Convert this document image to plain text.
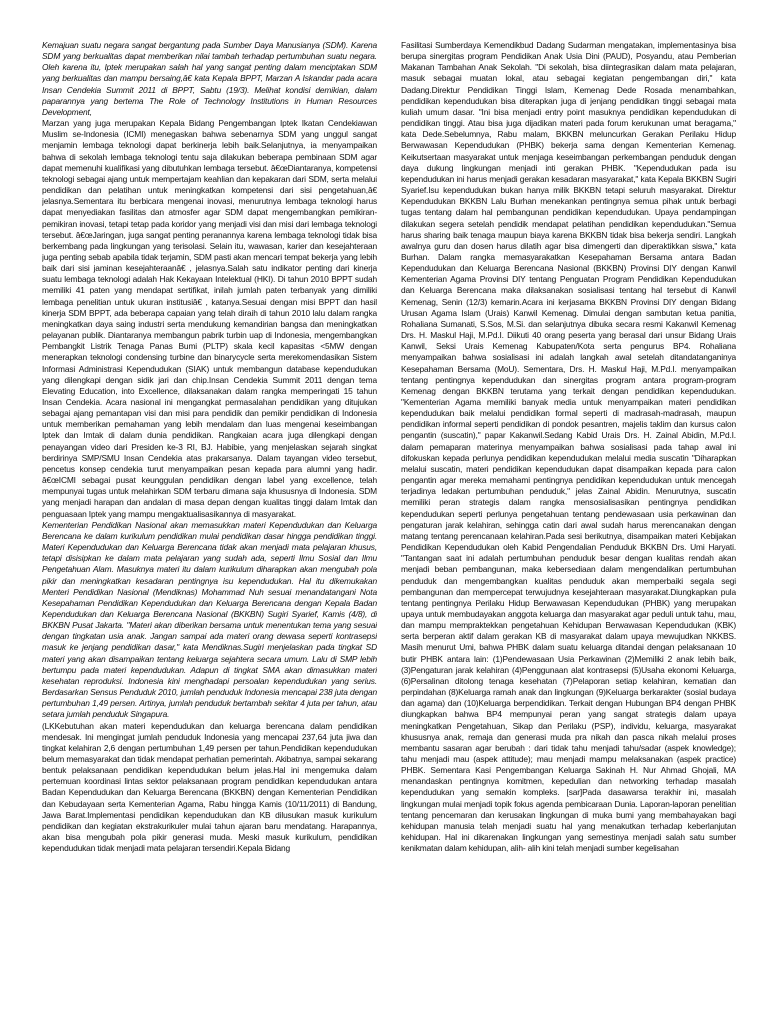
Kemajuan suatu negara sangat bergantung pada Sumber Daya Manusianya (SDM). Karena SDM yang berkualitas dapat memberikan nilai tambah terhadap pertumbuhan suatu negara. Oleh karena itu, Iptek merupakan salah hal yang sangat penting dalam menciptakan SDM yang berkualitas dan mampu bersaing,â€ kata Kepala BPPT, Marzan A Iskandar pada acara Insan Cendekia Summit 2011 di BPPT, Sabtu (19/3). Melihat kondisi demikian, dalam paparannya yang bertema The Role of Technology Institutions in Human Resources Development,

Marzan yang juga merupakan Kepala Bidang Pengembangan Iptek Ikatan Cendekiawan Muslim se-Indonesia (ICMI) menegaskan bahwa sebenarnya SDM yang unggul sangat menjamin lembaga teknologi dapat berkinerja lebih baik.Selanjutnya, ia menyampaikan bahwa di sekolah lembaga teknologi tentu saja dilakukan beberapa pembinaan SDM agar dapat memenuhi kualifikasi yang dibutuhkan lembaga tersebut. â€œDiantaranya, kompetensi teknologi sebagai ajang untuk mempertajam keahlian dan kepakaran dari SDM, serta melalui pendidikan dan pelatihan untuk meningkatkan kompetensi dari sisi pengetahuan,â€ jelasnya.Sementara itu berbicara mengenai inovasi, menurutnya lembaga teknologi harus dapat menyediakan fasilitas dan atmosfer agar SDM dapat mengembangkan pemikiran-pemikiran inovasi, tetapi tetap pada koridor yang menjadi visi dan misi dari lembaga teknologi tersebut. â€œJaringan, juga sangat penting peranannya karena lembaga teknologi tidak bisa berkembang pada lingkungan yang terisolasi. Selain itu, wawasan, karier dan kesejahteraan juga penting sebab apabila tidak terjamin, SDM pasti akan mencari tempat bekerja yang lebih baik dari sisi jaminan kesejahteraanâ€ , jelasnya.Salah satu indikator penting dari kinerja suatu lembaga teknologi adalah Hak Kekayaan Intelektual (HKI). Di tahun 2010 BPPT sudah memiliki 41 paten yang mendapat sertifikat, inilah jumlah paten terbanyak yang dimiliki lembaga penelitian untuk ukuran institusiâ€ , katanya.Sesuai dengan misi BPPT dan hasil kinerja SDM BPPT, ada beberapa capaian yang telah diraih di tahun 2010 lalu dalam rangka meningkatkan daya saing industri serta mendukung kemandirian bangsa dan meningkatkan pelayanan publik. Diantaranya membangun pabrik turbin uap di Indonesia, mengembangkan Pembangkit Listrik Tenaga Panas Bumi (PLTP) skala kecil kapasitas <5MW dengan menerapkan teknologi condensing turbine dan binarycycle serta merekomendasikan Sistem Informasi Administrasi Kependudukan (SIAK) untuk membangun database kependudukan yang dilengkapi dengan sidik jari dan chip.Insan Cendekia Summit 2011 dengan tema Elevating Education, into Excellence, dilaksanakan dalam rangka memperingati 15 tahun Insan Cendekia. Acara nasional ini mengangkat permasalahan pendidikan yang ditujukan sebagai ajang pemantapan visi dan misi para pendidik dan pemikir pendidikan di Indonesia untuk memberikan pemahaman yang lebih mendalam dan luas mengenai keseimbangan Iptek dan Imtak di dalam dunia pendidikan. Rangkaian acara juga dilengkapi dengan penayangan video dari Presiden ke-3 RI, BJ. Habibie, yang menjelaskan sejarah singkat berdirinya SMP/SMU Insan Cendekia atas prakarsanya. Dalam tayangan video tersebut, pencetus konsep cendekia turut menyampaikan pesan kepada para alumni yang hadir. â€œICMI sebagai pusat keunggulan pendidikan dengan label yang excellence, telah mempunyai tugas untuk melahirkan SDM terbaru dimana saja khususnya di Indonesia. SDM yang menjadi harapan dan andalan di masa depan dengan kualitas tinggi dalam Imtak dan penguasaan Iptek yang mampu mengaktualisasikannya di masyarakat.

Kementerian Pendidikan Nasional akan memasukkan materi Kependudukan dan Keluarga Berencana ke dalam kurikulum pendidikan mulai pendidikan dasar hingga pendidikan tinggi. Materi Kependudukan dan Keluarga Berencana tidak akan menjadi mata pelajaran khusus, tetapi disisipkan ke dalam mata pelajaran yang sudah ada, seperti Ilmu Sosial dan Ilmu Pengetahuan Alam. Masuknya materi itu dalam kurikulum diharapkan akan mengubah pola pikir dan meningkatkan kesadaran pentingnya isu kependudukan. Hal itu dikemukakan Menteri Pendidikan Nasional (Mendiknas) Mohammad Nuh sesuai menandatangani Nota Kesepahaman Pendidikan Kependudukan dan Keluarga Berencana dengan Kepala Badan Kependudukan dan Keluarga Berencana Nasional (BKKBN) Sugiri Syarief, Kamis (4/8), di BKKBN Pusat Jakarta. "Materi akan diberikan bersama untuk menentukan tema yang sesuai dengan tingkatan usia anak. Jangan sampai ada materi orang dewasa seperti kontrasepsi masuk ke jenjang pendidikan dasar," kata Mendiknas.Sugiri menjelaskan pada tingkat SD materi yang akan disampaikan tentang keluarga sejahtera secara umum. Lalu di SMP lebih bertumpu pada materi kependudukan. Adapun di tingkat SMA akan dimasukkan materi kesehatan reproduksi. Indonesia kini menghadapi persoalan kependudukan yang serius. Berdasarkan Sensus Penduduk 2010, jumlah penduduk Indonesia mencapai 238 juta dengan pertumbuhan 1,49 persen. Artinya, jumlah penduduk bertambah sekitar 4 juta per tahun, atau setara jumlah penduduk Singapura.

(LKKebutuhan akan materi kependudukan dan keluarga berencana dalam pendidikan mendesak. Ini mengingat jumlah penduduk Indonesia yang mencapai 237,64 juta jiwa dan tingkat kelahiran 2,6 dengan pertumbuhan 1,49 persen per tahun.Pendidikan kependudukan belum memasyarakat dan tidak mendapat perhatian pemerintah. Akibatnya, sampai sekarang bentuk pelaksanaan pendidikan kependudukan belum jelas.Hal ini mengemuka dalam pertemuan koordinasi lintas sektor pelaksanaan program pendidikan kependudukan antara Badan Kependudukan dan Keluarga Berencana (BKKBN) dengan Kementerian Pendidikan dan Kebudayaan serta Kementerian Agama, Rabu hingga Kamis (10/11/2011) di Bandung, Jawa Barat.Implementasi pendidikan kependudukan dan KB dilusukan masuk kurikulum pendidikan dan kegiatan ekstrakurikuler mulai tahun ajaran baru mendatang. Harapannya, akan bisa mengubah pola pikir generasi muda. Meski masuk kurikulum, pendidikan kependudukan tidak menjadi mata pelajaran tersendiri.Kepala Bidang

Fasilitasi Sumberdaya Kemendikbud Dadang Sudarman mengatakan, implementasinya bisa berupa sinergitas program Pendidikan Anak Usia Dini (PAUD), Posyandu, atau Pemberian Makanan Tambahan Anak Sekolah. "Di sekolah, bisa diintegrasikan dalam mata pelajaran, masuk sebagai muatan lokal, atau sebagai kegiatan pengembangan diri," kata Dadang.Direktur Pendidikan Tinggi Islam, Kemenag Dede Rosada menambahkan, pendidikan kependudukan bisa diterapkan juga di jenjang pendidikan tinggi sebagai mata kuliah umum dasar. "Ini bisa menjadi entry point masuknya pendidikan kependudukan di pendidikan tinggi. Atau bisa juga dijadikan materi pada forum kerukunan umat beragama," kata Dede.Sebelumnya, Rabu malam, BKKBN meluncurkan Gerakan Perilaku Hidup Berwawasan Kependudukan (PHBK) bekerja sama dengan Kementerian Kemenag. Keikutsertaan masyarakat untuk menjaga keseimbangan perkembangan penduduk dengan daya dukung lingkungan menjadi inti gerakan PHBK. "Kependudukan pada isu kependudukan ini harus menjadi gerakan kesadaran masyarakat," kata Kepala BKKBN Sugiri Syarief.Isu kependudukan bukan hanya milik BKKBN tetapi seluruh masyarakat. Direktur Kependudukan BKKBN Lalu Burhan menekankan pentingnya semua pihak untuk berbagi tugas tentang dalam hal pembangunan pendidikan kependudukan. Upaya pendampingan dilakukan segera setelah pendidik mendapat pelatihan pendidikan kependudukan."Semua harus sharing baik tenaga maupun biaya karena BKKBN tidak bisa bekerja sendiri. Langkah awalnya guru dan dosen harus dilatih agar bisa dimengerti dan diperaktikkan siswa," kata Burhan. Dalam rangka memasyarakatkan Kesepahaman Bersama antara Badan Kependudukan dan Keluarga Berencana Nasional (BKKBN) Provinsi DIY dengan Kanwil Kementerian Agama Provinsi DIY tentang Penguatan Program Pendidikan Kependudukan dan Keluarga Berencana maka dilaksanakan sosialisasi tentang hal tersebut di Kanwil Kemenag, Senin (12/3) kemarin.Acara ini kerjasama BKKBN Provinsi DIY dengan Bidang Urusan Agama Islam (Urais) Kanwil Kemenag. Dimulai dengan sambutan ketua panitia, Rohaliana Sumanati, S.Sos, M.Si. dan selanjutnya dibuka secara resmi Kakanwil Kemenag Drs. H. Maskul Haji, M.Pd.I. Diikuti 40 orang peserta yang berasal dari unsur Bidang Urais Kanwil, Seksi Urais Kemenag Kabupaten/Kota serta pengurus BP4. Rohaliana menyampaikan bahwa sosialisasi ini adalah langkah awal setelah ditandatanganinya Kesepahaman Bersama (MoU). Sementara, Drs. H. Maskul Haji, M.Pd.I. menyampaikan tentang pentingnya kependudukan dan sinergitas program antara program-program Kemenag dengan BKKBN terutama yang terkait dengan pendidikan kependudukan. "Kementerian Agama memiliki banyak media untuk menyampaikan materi pendidikan kependudukan baik melalui pendidikan formal seperti di madrasah-madrasah, maupun pendidikan informal seperti pendidikan di pondok pesantren, majelis taklim dan kursus calon pengantin (suscatin)," papar Kakanwil.Sedang Kabid Urais Drs. H. Zainal Abidin, M.Pd.I. dalam pemaparan materinya menyampaikan bahwa sosialisasi pada tahap awal ini difokuskan kepada perlunya pendidikan kependudukan melalui media suscatin "Diharapkan melalui suscatin, materi pendidikan kependudukan dapat disampaikan kepada para calon pengantin agar mereka memahami pentingnya pendidikan kependudukan untuk mencegah terjadinya ledakan pertumbuhan penduduk," jelas Zainal Abidin. Menurutnya, suscatin memiliki peran strategis dalam rangka mensosialisasikan pentingnya pendidikan kependudukan seperti perlunya pengetahuan tentang pendewasaan usia perkawinan dan pengaturan jarak kelahiran, sehingga catin dari awal sudah harus merencanakan dengan matang tentang perencanaan kelahiran.Pada sesi berikutnya, disampaikan materi Kebijakan Pendidikan Kependudukan oleh Kabid Pengendalian Penduduk BKKBN Drs. Umi Haryati. "Tantangan saat ini adalah pertumbuhan penduduk besar dengan kualitas rendah akan menjadi beban pembangunan, maka kebersediaan dalam mengendalikan pertumbuhan penduduk dan mengembangkan kualitas penduduk akan memperbaiki segala segi pembangunan dan mempercepat terwujudnya kesejahteraan masyarakat.Diungkapkan pula tentang pentingnya Perilaku Hidup Berwawasan Kependudukan (PHBK) yang merupakan upaya untuk membudayakan anggota keluarga dan masyarakat agar peduli untuk tahu, mau, dan mampu mempraktekkan pengetahuan Kehidupan Berwawasan Kependudukan (KBK) serta berperan aktif dalam gerakan KB di masyarakat dalam upaya mewujudkan NKKBS. Masih menurut Umi, bahwa PHBK dalam suatu keluarga ditandai dengan pelaksanaan 10 butir PHBK antara lain: (1)Pendewasaan Usia Perkawinan (2)Memiliki 2 anak lebih baik, (3)Pengaturan jarak kelahiran (4)Penggunaan alat kontrasepsi (5)Usaha ekonomi Keluarga, (6)Persalinan ditolong tenaga kesehatan (7)Pelaporan setiap kelahiran, kematian dan perpindahan (8)Keluarga ramah anak dan lingkungan (9)Keluarga berkarakter (sosial budaya dan agama) dan (10)Keluarga berpendidikan. Terkait dengan Hubungan BP4 dengan PHBK diungkapkan bahwa BP4 mempunyai peran yang sangat strategis dalam upaya meningkatkan Pengetahuan, Sikap dan Perilaku (PSP), individu, keluarga, masyarakat khususnya anak, remaja dan generasi muda pra nikah dan pasca nikah melalui proses membantu sasaran agar berubah : dari tidak tahu menjadi tahu/sadar (aspek knowledge); tahu menjadi mau (aspek attitude); mau menjadi mampu melaksanakan (aspek practice) PHBK. Sementara Kasi Pengembangan Keluarga Sakinah H. Nur Ahmad Ghojali, MA menandaskan pentingnya komitmen, kepedulian dan networking terhadap masalah kependudukan yang semakin kompleks. [sar]Pada dasawarsa terakhir ini, masalah lingkungan mulai menjadi topik fokus agenda pembicaraan Dunia. Laporan-laporan penelitian tentang pencemaran dan kerusakan lingkungan di muka bumi yang membahayakan bagi kehidupan manusia telah menjadi suatu hal yang menakutkan terhadap keberlanjutan kehidupan. Hal ini dikarenakan lingkungan yang semestinya menjadi salah satu sumber kenikmatan dalam kehidupan, alih- alih kini telah menjadi sumber kegelisahan
